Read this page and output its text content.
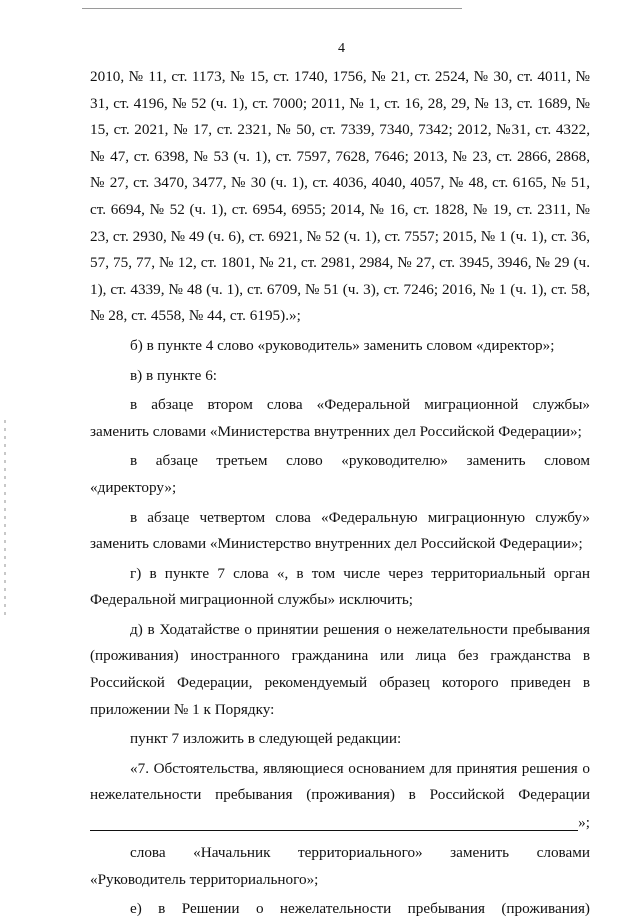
4

2010, № 11, ст. 1173, № 15, ст. 1740, 1756, № 21, ст. 2524, № 30, ст. 4011, № 31, ст. 4196, № 52 (ч. 1), ст. 7000; 2011, № 1, ст. 16, 28, 29, № 13, ст. 1689, № 15, ст. 2021, № 17, ст. 2321, № 50, ст. 7339, 7340, 7342; 2012, №31, ст. 4322, № 47, ст. 6398, № 53 (ч. 1), ст. 7597, 7628, 7646; 2013, № 23, ст. 2866, 2868, № 27, ст. 3470, 3477, № 30 (ч. 1), ст. 4036, 4040, 4057, № 48, ст. 6165, № 51, ст. 6694, № 52 (ч. 1), ст. 6954, 6955; 2014, № 16, ст. 1828, № 19, ст. 2311, № 23, ст. 2930, № 49 (ч. 6), ст. 6921, № 52 (ч. 1), ст. 7557; 2015, № 1 (ч. 1), ст. 36, 57, 75, 77, № 12, ст. 1801, № 21, ст. 2981, 2984, № 27, ст. 3945, 3946, № 29 (ч. 1), ст. 4339, № 48 (ч. 1), ст. 6709, № 51 (ч. 3), ст. 7246; 2016, № 1 (ч. 1), ст. 58, № 28, ст. 4558, № 44, ст. 6195).»;

б) в пункте 4 слово «руководитель» заменить словом «директор»;

в) в пункте 6:

в абзаце втором слова «Федеральной миграционной службы» заменить словами «Министерства внутренних дел Российской Федерации»;

в абзаце третьем слово «руководителю» заменить словом «директору»;

в абзаце четвертом слова «Федеральную миграционную службу» заменить словами «Министерство внутренних дел Российской Федерации»;

г) в пункте 7 слова «, в том числе через территориальный орган Федеральной миграционной службы» исключить;

д) в Ходатайстве о принятии решения о нежелательности пребывания (проживания) иностранного гражданина или лица без гражданства в Российской Федерации, рекомендуемый образец которого приведен в приложении № 1 к Порядку:

пункт 7 изложить в следующей редакции:

«7. Обстоятельства, являющиеся основанием для принятия решения о нежелательности пребывания (проживания) в Российской Федерации

»;

слова «Начальник территориального» заменить словами «Руководитель территориального»;

е) в Решении о нежелательности пребывания (проживания)
